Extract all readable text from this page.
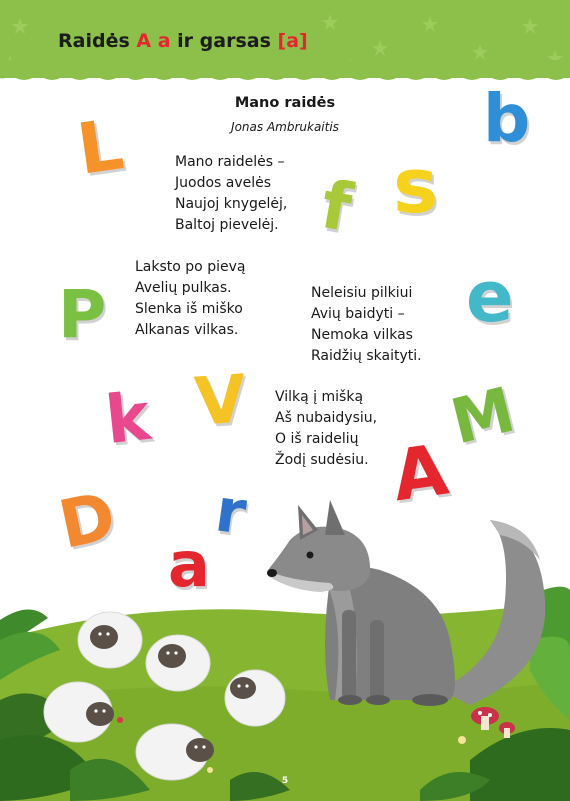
Raidės A a ir garsas [a]
Mano raidės
Jonas Ambrukaitis
Mano raidelės –
Juodos avelės
Naujoj knygelėj,
Baltoj pievelėj.
Laksto po pievą
Avelių pulkas.
Slenka iš miško
Alkanas vilkas.
Neleisiu pilkiui
Avių baidyti –
Nemoka vilkas
Raidžių skaityti.
Vilką į mišką
Aš nubaidysiu,
O iš raidelių
Žodį sudėsiu.
L	b
f s
P	e
k V	M
D r A
a
5
